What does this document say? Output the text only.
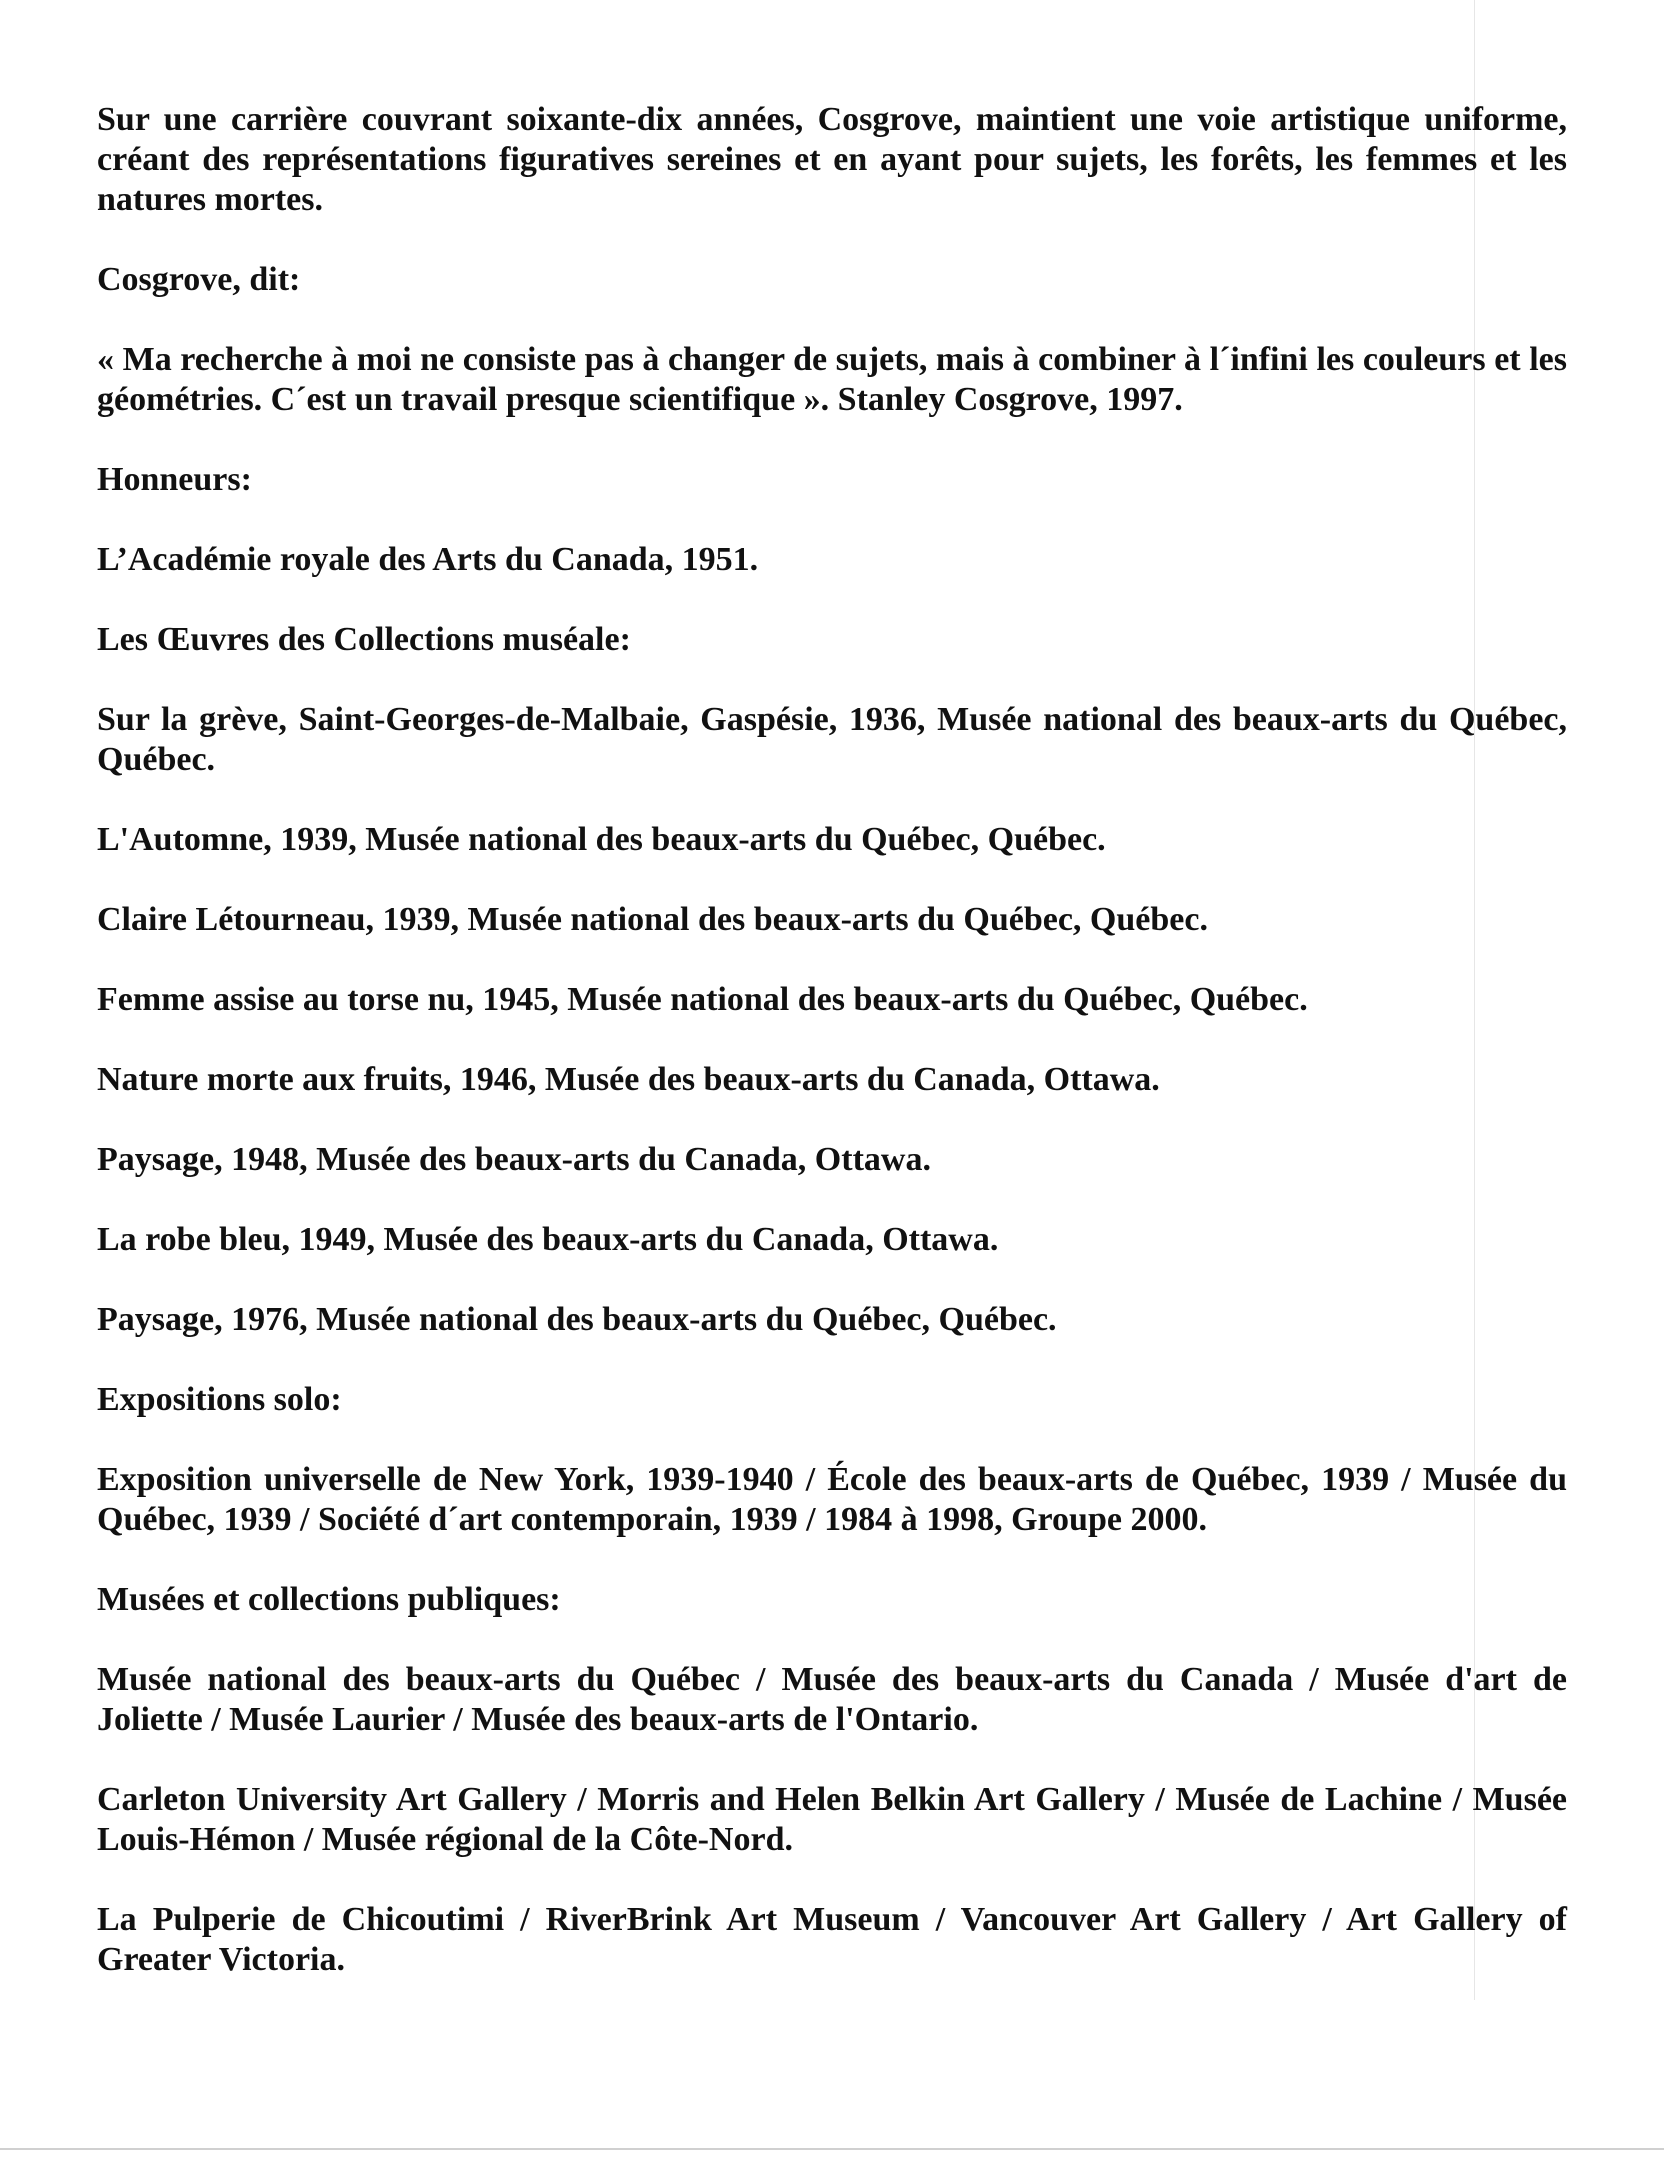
Sur une carrière couvrant soixante-dix années, Cosgrove, maintient une voie artistique uniforme, créant des représentations figuratives sereines et en ayant pour sujets, les forêts, les femmes et les natures mortes.

Cosgrove, dit:

« Ma recherche à moi ne consiste pas à changer de sujets, mais à combiner à l´infini les couleurs et les géométries. C´est un travail presque scientifique ». Stanley Cosgrove, 1997.

Honneurs:

L’Académie royale des Arts du Canada, 1951.

Les Œuvres des Collections muséale:

Sur la grève, Saint-Georges-de-Malbaie, Gaspésie, 1936, Musée national des beaux-arts du Québec, Québec.

L'Automne, 1939, Musée national des beaux-arts du Québec, Québec.

Claire Létourneau, 1939, Musée national des beaux-arts du Québec, Québec.

Femme assise au torse nu, 1945, Musée national des beaux-arts du Québec, Québec.

Nature morte aux fruits, 1946, Musée des beaux-arts du Canada, Ottawa.

Paysage, 1948, Musée des beaux-arts du Canada, Ottawa.

La robe bleu, 1949, Musée des beaux-arts du Canada, Ottawa.

Paysage, 1976, Musée national des beaux-arts du Québec, Québec.

Expositions solo:

Exposition universelle de New York, 1939-1940 / École des beaux-arts de Québec, 1939 / Musée du Québec, 1939 / Société d´art contemporain, 1939 / 1984 à 1998, Groupe 2000.

Musées et collections publiques:

Musée national des beaux-arts du Québec / Musée des beaux-arts du Canada / Musée d'art de Joliette / Musée Laurier / Musée des beaux-arts de l'Ontario.

Carleton University Art Gallery / Morris and Helen Belkin Art Gallery / Musée de Lachine / Musée Louis-Hémon / Musée régional de la Côte-Nord.

La Pulperie de Chicoutimi / RiverBrink Art Museum / Vancouver Art Gallery / Art Gallery of Greater Victoria.
